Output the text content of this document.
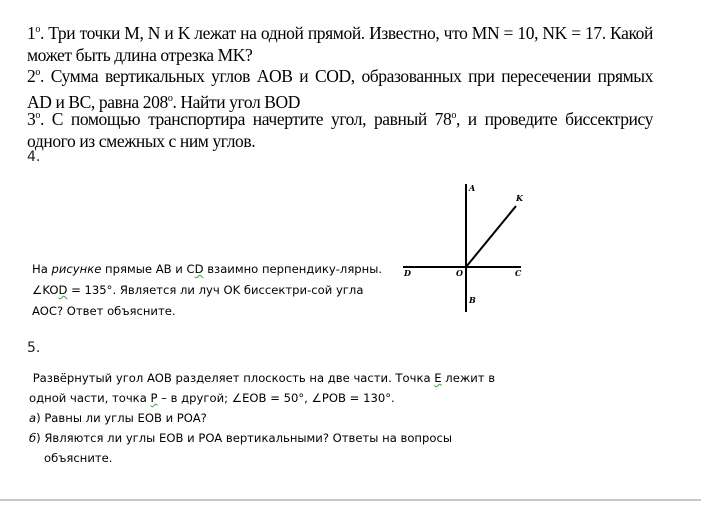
1$^o$. Три точки M, N и K лежат на одной прямой. Известно, что MN = 10, NK = 17. Какой может быть длина отрезка MK?
2$^o$. Сумма вертикальных углов AOB и COD, образованных при пересечении прямых AD и BC, равна 208$^o$. Найти угол BOD
3$^o$. С помощью транспортира начертите угол, равный 78$^o$, и проведите биссектрису одного из смежных с ним углов.
4.

На рисунке прямые AB и CD взаимно перпендику-лярны. ∠KOD = 135°. Является ли луч OK биссектри-сой угла AOC? Ответ объясните.

A
K
D	O	C
B
5.

Развёрнутый угол AOB разделяет плоскость на две части. Точка E лежит в одной части, точка P – в другой; ∠EOB = 50°, ∠POB = 130°.
а) Равны ли углы EOB и POA?

б) Являются ли углы EOB и POA вертикальными? Ответы на вопросы объясните.
